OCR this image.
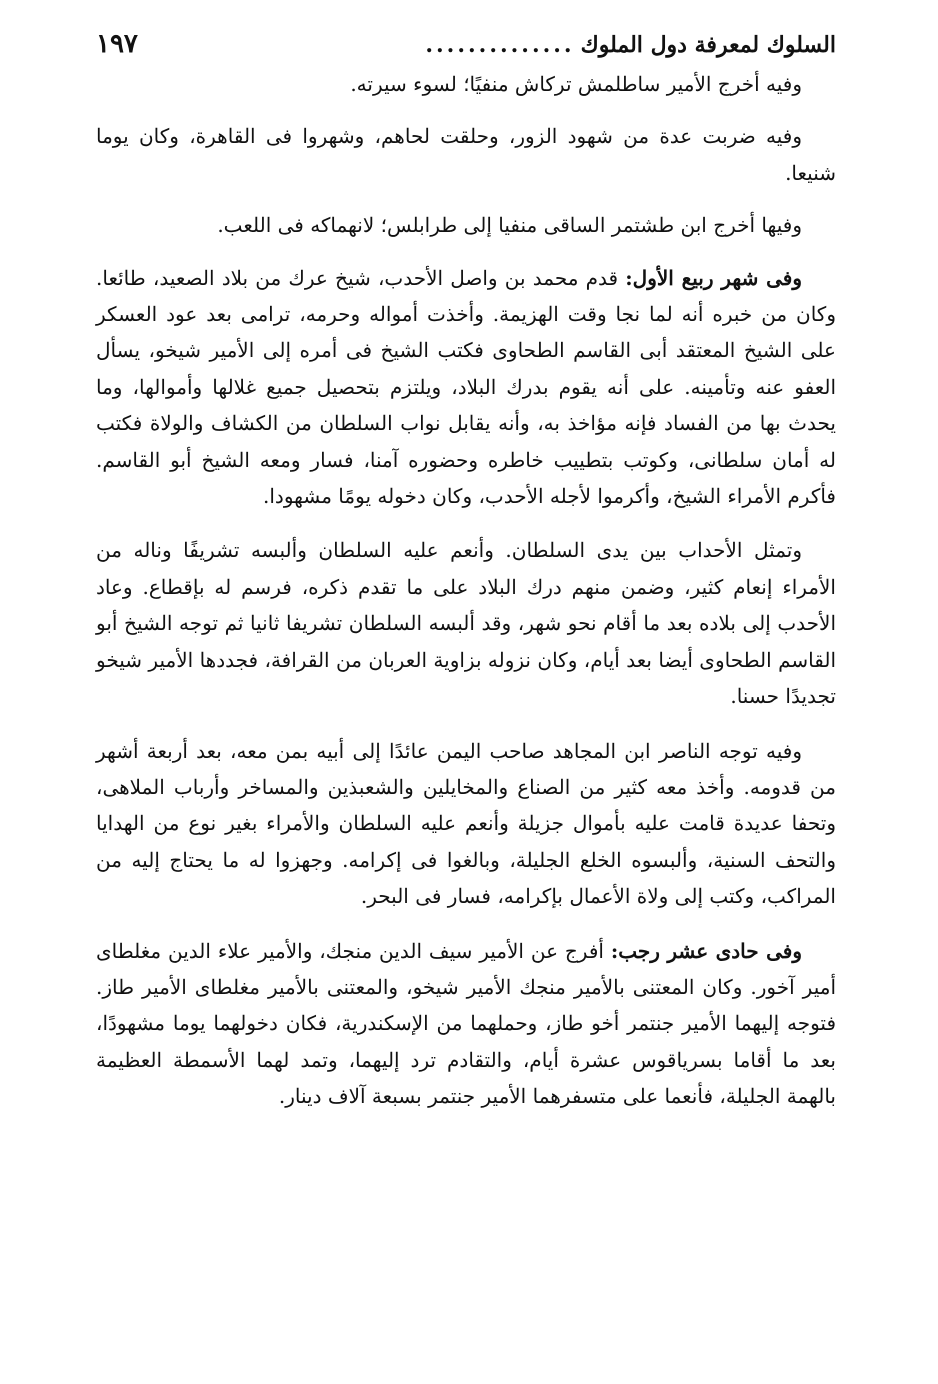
السلوك لمعرفة دول الملوك
..............
١٩٧

وفيه أخرج الأمير ساطلمش تركاش منفيًا؛ لسوء سيرته.

وفيه ضربت عدة من شهود الزور، وحلقت لحاهم، وشهروا فى القاهرة، وكان يوما شنيعا.

وفيها أخرج ابن طشتمر الساقى منفيا إلى طرابلس؛ لانهماكه فى اللعب.

وفى شهر ربيع الأول: قدم محمد بن واصل الأحدب، شيخ عرك من بلاد الصعيد، طائعا. وكان من خبره أنه لما نجا وقت الهزيمة. وأخذت أمواله وحرمه، ترامى بعد عود العسكر على الشيخ المعتقد أبى القاسم الطحاوى فكتب الشيخ فى أمره إلى الأمير شيخو، يسأل العفو عنه وتأمينه. على أنه يقوم بدرك البلاد، ويلتزم بتحصيل جميع غلالها وأموالها، وما يحدث بها من الفساد فإنه مؤاخذ به، وأنه يقابل نواب السلطان من الكشاف والولاة فكتب له أمان سلطانى، وكوتب بتطييب خاطره وحضوره آمنا، فسار ومعه الشيخ أبو القاسم. فأكرم الأمراء الشيخ، وأكرموا لأجله الأحدب، وكان دخوله يومًا مشهودا.

وتمثل الأحداب بين يدى السلطان. وأنعم عليه السلطان وألبسه تشريفًا وناله من الأمراء إنعام كثير، وضمن منهم درك البلاد على ما تقدم ذكره، فرسم له بإقطاع. وعاد الأحدب إلى بلاده بعد ما أقام نحو شهر، وقد ألبسه السلطان تشريفا ثانيا ثم توجه الشيخ أبو القاسم الطحاوى أيضا بعد أيام، وكان نزوله بزاوية العربان من القرافة، فجددها الأمير شيخو تجديدًا حسنا.

وفيه توجه الناصر ابن المجاهد صاحب اليمن عائدًا إلى أبيه بمن معه، بعد أربعة أشهر من قدومه. وأخذ معه كثير من الصناع والمخايلين والشعبذين والمساخر وأرباب الملاهى، وتحفا عديدة قامت عليه بأموال جزيلة وأنعم عليه السلطان والأمراء بغير نوع من الهدايا والتحف السنية، وألبسوه الخلع الجليلة، وبالغوا فى إكرامه. وجهزوا له ما يحتاج إليه من المراكب، وكتب إلى ولاة الأعمال بإكرامه، فسار فى البحر.

وفى حادى عشر رجب: أفرج عن الأمير سيف الدين منجك، والأمير علاء الدين مغلطاى أمير آخور. وكان المعتنى بالأمير منجك الأمير شيخو، والمعتنى بالأمير مغلطاى الأمير طاز. فتوجه إليهما الأمير جنتمر أخو طاز، وحملهما من الإسكندرية، فكان دخولهما يوما مشهودًا، بعد ما أقاما بسرياقوس عشرة أيام، والتقادم ترد إليهما، وتمد لهما الأسمطة العظيمة بالهمة الجليلة، فأنعما على متسفرهما الأمير جنتمر بسبعة آلاف دينار.
